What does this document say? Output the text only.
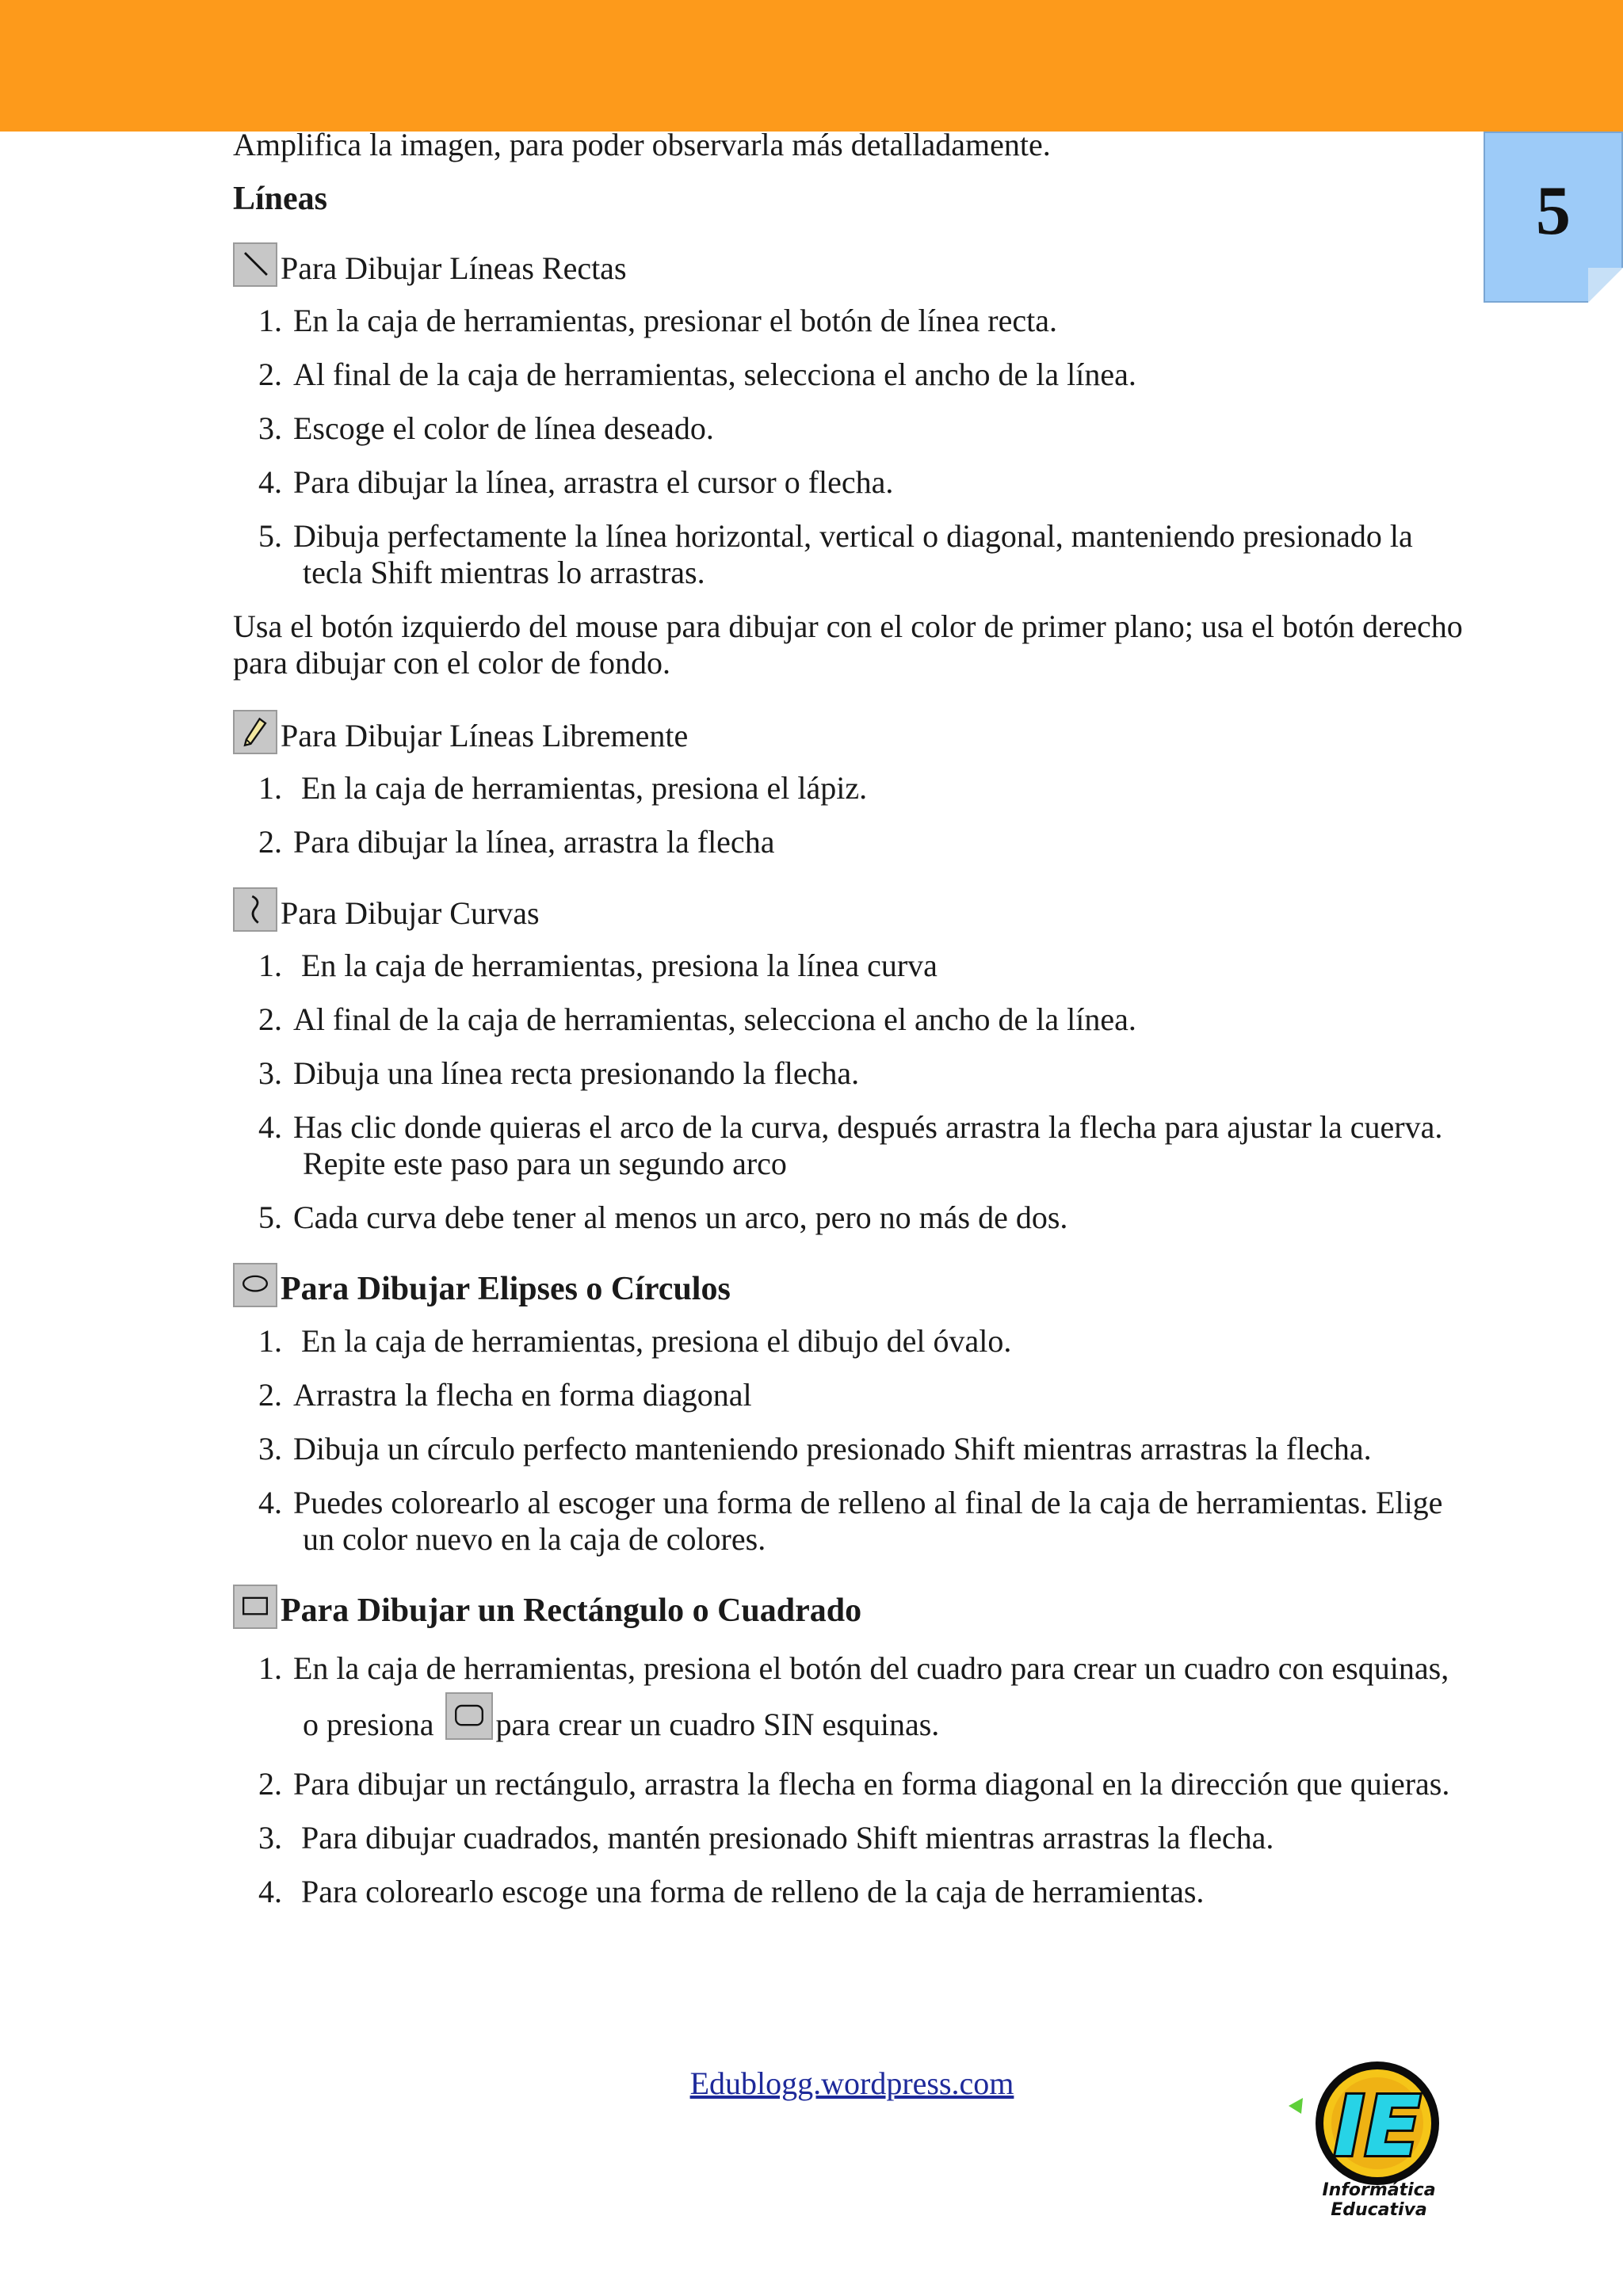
5

Amplifica la imagen, para poder observarla más detalladamente.

Líneas

Para Dibujar Líneas Rectas
1. En la caja de herramientas, presionar el botón de línea recta.
2. Al final de la caja de herramientas, selecciona el ancho de la línea.
3. Escoge el color de línea deseado.
4. Para dibujar la línea, arrastra el cursor o flecha.
5. Dibuja perfectamente la línea horizontal, vertical o diagonal, manteniendo presionado la tecla Shift mientras lo arrastras.

Usa el botón izquierdo del mouse para dibujar con el color de primer plano; usa el botón derecho para dibujar con el color de fondo.

Para Dibujar Líneas Libremente
1. En la caja de herramientas, presiona el lápiz.
2. Para dibujar la línea, arrastra la flecha
Para Dibujar Curvas
1. En la caja de herramientas, presiona la línea curva
2. Al final de la caja de herramientas, selecciona el ancho de la línea.
3. Dibuja una línea recta presionando la flecha.
4. Has clic donde quieras el arco de la curva, después arrastra la flecha para ajustar la cuerva. Repite este paso para un segundo arco
5. Cada curva debe tener al menos un arco, pero no más de dos.
Para Dibujar Elipses o Círculos
1. En la caja de herramientas, presiona el dibujo del óvalo.
2. Arrastra la flecha en forma diagonal
3. Dibuja un círculo perfecto manteniendo presionado Shift mientras arrastras la flecha.
4. Puedes colorearlo al escoger una forma de relleno al final de la caja de herramientas. Elige un color nuevo en la caja de colores.
Para Dibujar un Rectángulo o Cuadrado
1. En la caja de herramientas, presiona el botón del cuadro para crear un cuadro con esquinas, o presiona
para crear un cuadro SIN esquinas.
2. Para dibujar un rectángulo, arrastra la flecha en forma diagonal en la dirección que quieras.
3. Para dibujar cuadrados, mantén presionado Shift mientras arrastras la flecha.
4. Para colorearlo escoge una forma de relleno de la caja de herramientas.
Edublogg.wordpress.com	IE
Informática Educativa
